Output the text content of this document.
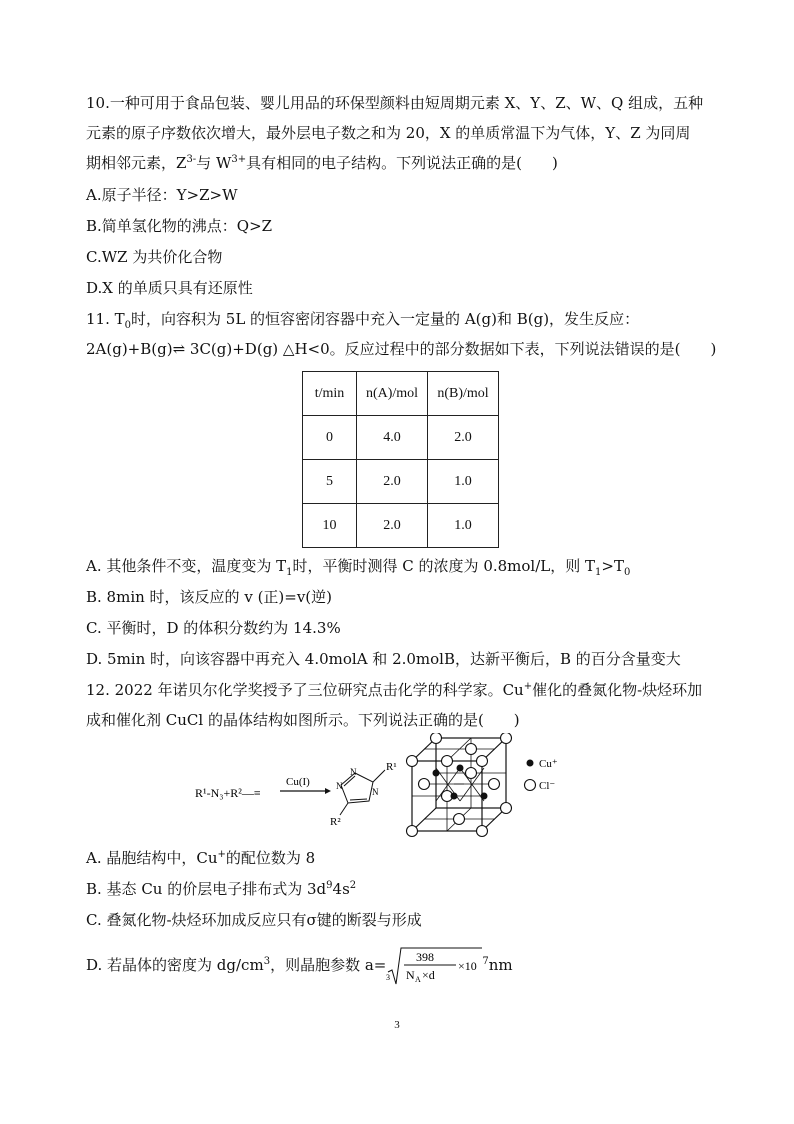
10.一种可用于食品包装、婴儿用品的环保型颜料由短周期元素 X、Y、Z、W、Q 组成，五种
元素的原子序数依次增大，最外层电子数之和为 20，X 的单质常温下为气体，Y、Z 为同周
期相邻元素，$Z^{3-}$与 $W^{3+}$具有相同的电子结构。下列说法正确的是(　　)
A.原子半径：Y>Z>W
B.简单氢化物的沸点：Q>Z
C.WZ 为共价化合物
D.X 的单质只具有还原性
11. $T_0$时，向容积为 5L 的恒容密闭容器中充入一定量的 A(g)和 B(g)，发生反应：
2A(g)+B(g)⇌ 3C(g)+D(g) △H<0。反应过程中的部分数据如下表，下列说法错误的是(　　)
t/min	n(A)/mol	n(B)/mol
0	4.0	2.0
5	2.0	1.0
10	2.0	1.0
A. 其他条件不变，温度变为 $T_1$时，平衡时测得 C 的浓度为 0.8mol/L，则 $T_1>T_0$
B. 8min 时，该反应的 v (正)=v(逆)
C. 平衡时，D 的体积分数约为 14.3%
D. 5min 时，向该容器中再充入 4.0molA 和 2.0molB，达新平衡后，B 的百分含量变大
12. 2022 年诺贝尔化学奖授予了三位研究点击化学的科学家。Cu+催化的叠氮化物-炔烃环加
成和催化剂 CuCl 的晶体结构如图所示。下列说法正确的是(　　)
R¹-N₃+R²—≡
Cu(I)
N
N
N
R¹
R²
Cu⁺
Cl⁻
A. 晶胞结构中，Cu+的配位数为 8
B. 基态 Cu 的价层电子排布式为 $3d^94s^2$
C. 叠氮化物-炔烃环加成反应只有σ键的断裂与形成
D. 若晶体的密度为 $dg/cm^3$，则晶胞参数 a=
3
398
N A ×d
×10 $^7$nm
3
